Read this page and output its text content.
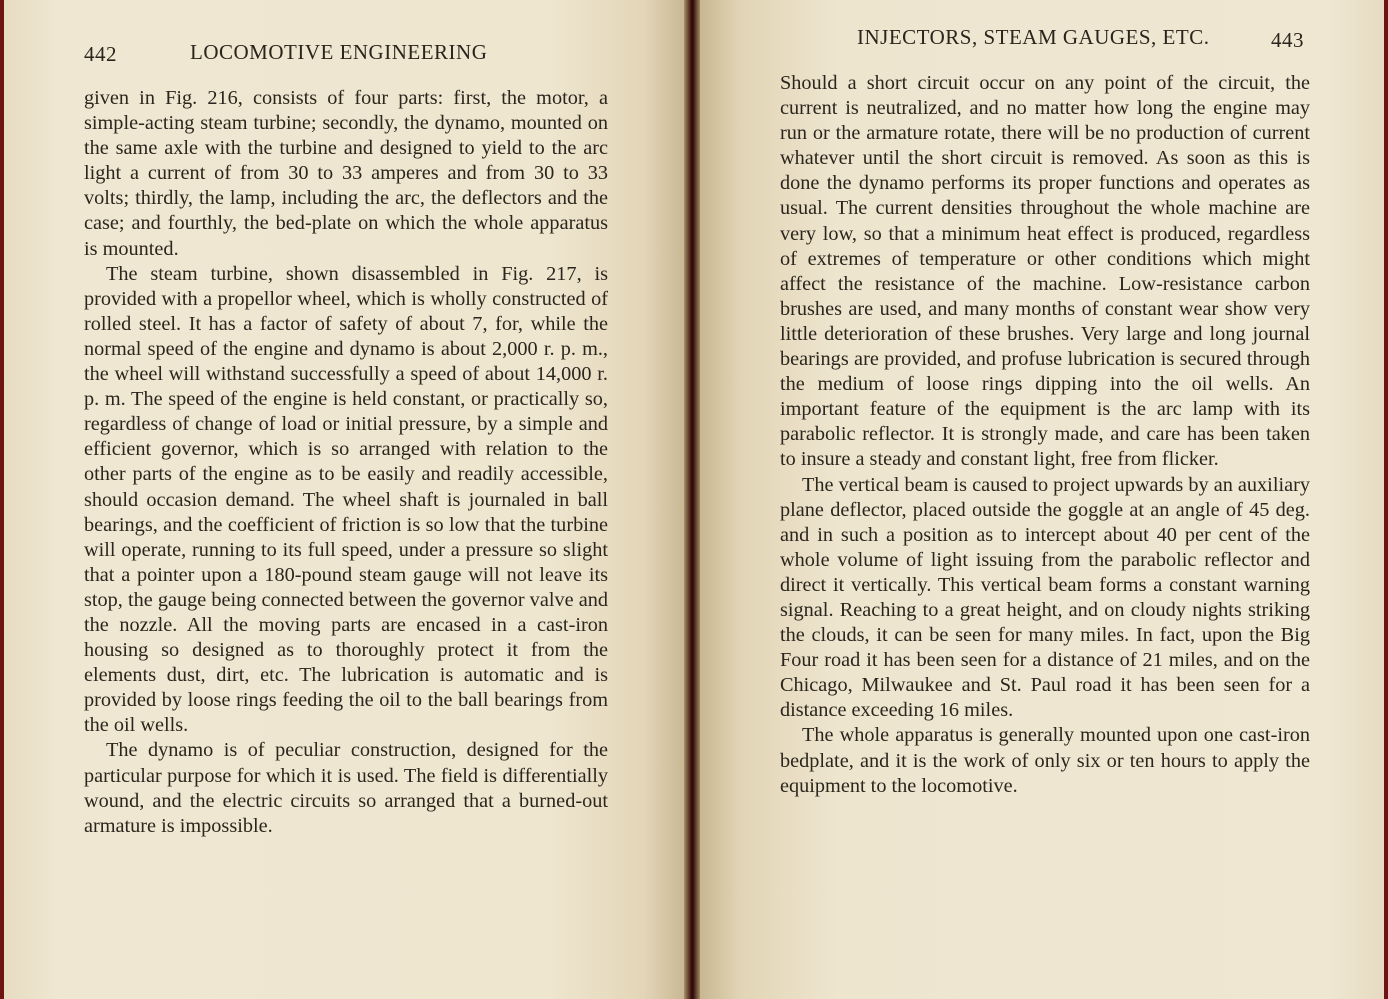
442	LOCOMOTIVE ENGINEERING

given in Fig. 216, consists of four parts: first, the motor, a simple-acting steam turbine; secondly, the dynamo, mounted on the same axle with the turbine and designed to yield to the arc light a current of from 30 to 33 amperes and from 30 to 33 volts; thirdly, the lamp, including the arc, the deflectors and the case; and fourthly, the bed-plate on which the whole apparatus is mounted.

The steam turbine, shown disassembled in Fig. 217, is provided with a propellor wheel, which is wholly constructed of rolled steel. It has a factor of safety of about 7, for, while the normal speed of the engine and dynamo is about 2,000 r. p. m., the wheel will withstand successfully a speed of about 14,000 r. p. m. The speed of the engine is held constant, or practically so, regardless of change of load or initial pressure, by a simple and efficient governor, which is so arranged with relation to the other parts of the engine as to be easily and readily accessible, should occasion demand. The wheel shaft is journaled in ball bearings, and the coefficient of friction is so low that the turbine will operate, running to its full speed, under a pressure so slight that a pointer upon a 180-pound steam gauge will not leave its stop, the gauge being connected between the governor valve and the nozzle. All the moving parts are encased in a cast-iron housing so designed as to thoroughly protect it from the elements dust, dirt, etc. The lubrication is automatic and is provided by loose rings feeding the oil to the ball bearings from the oil wells.

The dynamo is of peculiar construction, designed for the particular purpose for which it is used. The field is differentially wound, and the electric circuits so arranged that a burned-out armature is impossible.

INJECTORS, STEAM GAUGES, ETC.	443

Should a short circuit occur on any point of the circuit, the current is neutralized, and no matter how long the engine may run or the armature rotate, there will be no production of current whatever until the short circuit is removed. As soon as this is done the dynamo performs its proper functions and operates as usual. The current densities throughout the whole machine are very low, so that a minimum heat effect is produced, regardless of extremes of temperature or other conditions which might affect the resistance of the machine. Low-resistance carbon brushes are used, and many months of constant wear show very little deterioration of these brushes. Very large and long journal bearings are provided, and profuse lubrication is secured through the medium of loose rings dipping into the oil wells. An important feature of the equipment is the arc lamp with its parabolic reflector. It is strongly made, and care has been taken to insure a steady and constant light, free from flicker.

The vertical beam is caused to project upwards by an auxiliary plane deflector, placed outside the goggle at an angle of 45 deg. and in such a position as to intercept about 40 per cent of the whole volume of light issuing from the parabolic reflector and direct it vertically. This vertical beam forms a constant warning signal. Reaching to a great height, and on cloudy nights striking the clouds, it can be seen for many miles. In fact, upon the Big Four road it has been seen for a distance of 21 miles, and on the Chicago, Milwaukee and St. Paul road it has been seen for a distance exceeding 16 miles.

The whole apparatus is generally mounted upon one cast-iron bedplate, and it is the work of only six or ten hours to apply the equipment to the locomotive.
